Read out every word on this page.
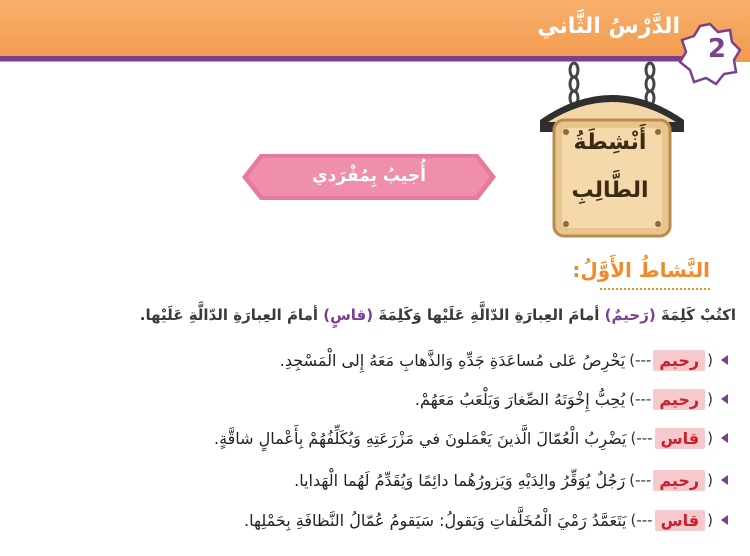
الدَّرْسُ الثَّاني
2
أَنْشِطَةُ
الطَّالِبِ
أُجيبُ بِمُفْرَدي
النَّشاطُ الأَوَّلُ:
اكتُبْ كَلِمَةَ (رَحيمٌ) أمامَ العِبارَةِ الدّالَّةِ عَلَيْها وَكَلِمَةَ (قاسٍ) أمامَ العِبارَةِ الدّالَّةِ عَلَيْها.
(
رحيم
---)
يَحْرِصُ عَلى مُساعَدَةِ جَدِّهِ وَالذَّهابِ مَعَهُ إِلى الْمَسْجِدِ.
(
رحيم
---)
يُحِبُّ إِخْوَتَهُ الصِّغارَ وَيَلْعَبُ مَعَهُمْ.
(
قاس
---)
يَضْرِبُ الْعُمّالَ الَّذينَ يَعْمَلونَ في مَزْرَعَتِهِ وَيُكَلِّفُهُمْ بِأَعْمالٍ شاقَّةٍ.
(
رحيم
---)
رَجُلٌ يُوَقِّرُ والِدَيْهِ وَيَزورُهُما دائِمًا وَيُقَدِّمُ لَهُما الْهَدايا.
(
قاس
---)
يَتَعَمَّدُ رَمْيَ الْمُخَلَّفاتِ وَيَقولُ: سَيَقومُ عُمّالُ النَّظافَةِ بِحَمْلِها.
